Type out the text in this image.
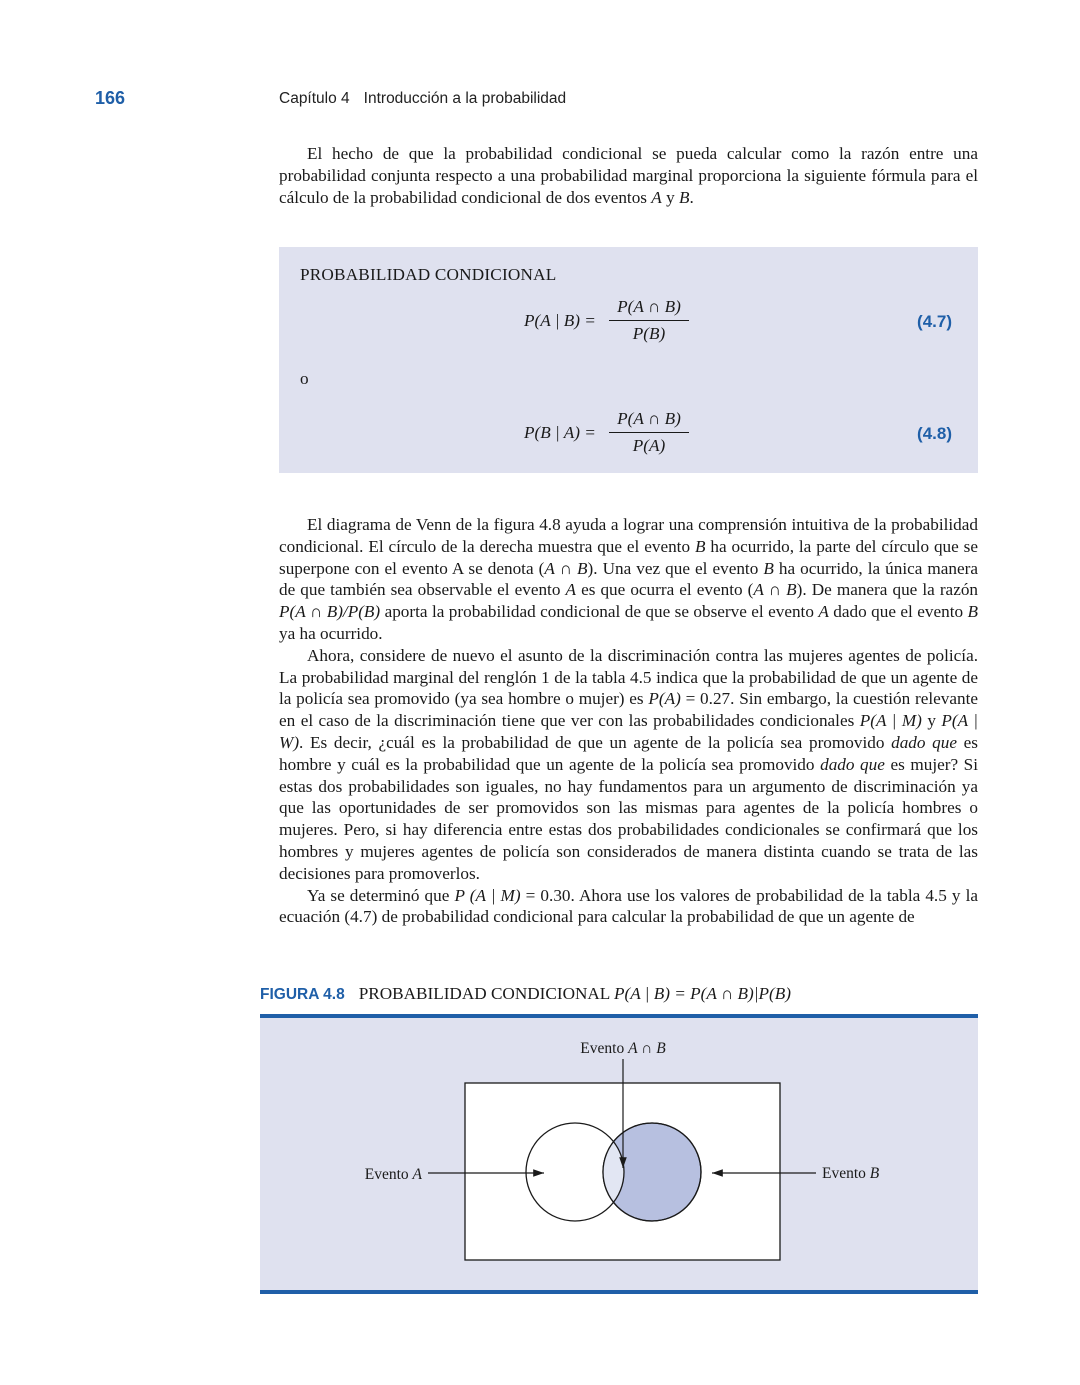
166	Capítulo 4 Introducción a la probabilidad

El hecho de que la probabilidad condicional se pueda calcular como la razón entre una probabilidad conjunta respecto a una probabilidad marginal proporciona la siguiente fórmula para el cálculo de la probabilidad condicional de dos eventos A y B.

PROBABILIDAD CONDICIONAL
P(A | $B) = \frac{P(A \cap B)}{P(B)}$	(4.7)
o
P(B | $A) = \frac{P(A \cap B)}{P(A)}$	(4.8)

El diagrama de Venn de la figura 4.8 ayuda a lograr una comprensión intuitiva de la probabilidad condicional. El círculo de la derecha muestra que el evento B ha ocurrido, la parte del círculo que se superpone con el evento A se denota (A ∩ B). Una vez que el evento B ha ocurrido, la única manera de que también sea observable el evento A es que ocurra el evento (A ∩ B). De manera que la razón P(A ∩ B)/P(B) aporta la probabilidad condicional de que se observe el evento A dado que el evento B ya ha ocurrido.

Ahora, considere de nuevo el asunto de la discriminación contra las mujeres agentes de policía. La probabilidad marginal del renglón 1 de la tabla 4.5 indica que la probabilidad de que un agente de la policía sea promovido (ya sea hombre o mujer) es P(A) = 0.27. Sin embargo, la cuestión relevante en el caso de la discriminación tiene que ver con las probabilidades condicionales P(A | M) y P(A | W). Es decir, ¿cuál es la probabilidad de que un agente de la policía sea promovido dado que es hombre y cuál es la probabilidad que un agente de la policía sea promovido dado que es mujer? Si estas dos probabilidades son iguales, no hay fundamentos para un argumento de discriminación ya que las oportunidades de ser promovidos son las mismas para agentes de la policía hombres o mujeres. Pero, si hay diferencia entre estas dos probabilidades condicionales se confirmará que los hombres y mujeres agentes de policía son considerados de manera distinta cuando se trata de las decisiones para promoverlos.

Ya se determinó que P (A | M) = 0.30. Ahora use los valores de probabilidad de la tabla 4.5 y la ecuación (4.7) de probabilidad condicional para calcular la probabilidad de que un agente de

FIGURA 4.8 PROBABILIDAD CONDICIONAL P(A | B) = P(A ∩ B)|P(B)
Evento A ∩ B
Evento A	Evento B
